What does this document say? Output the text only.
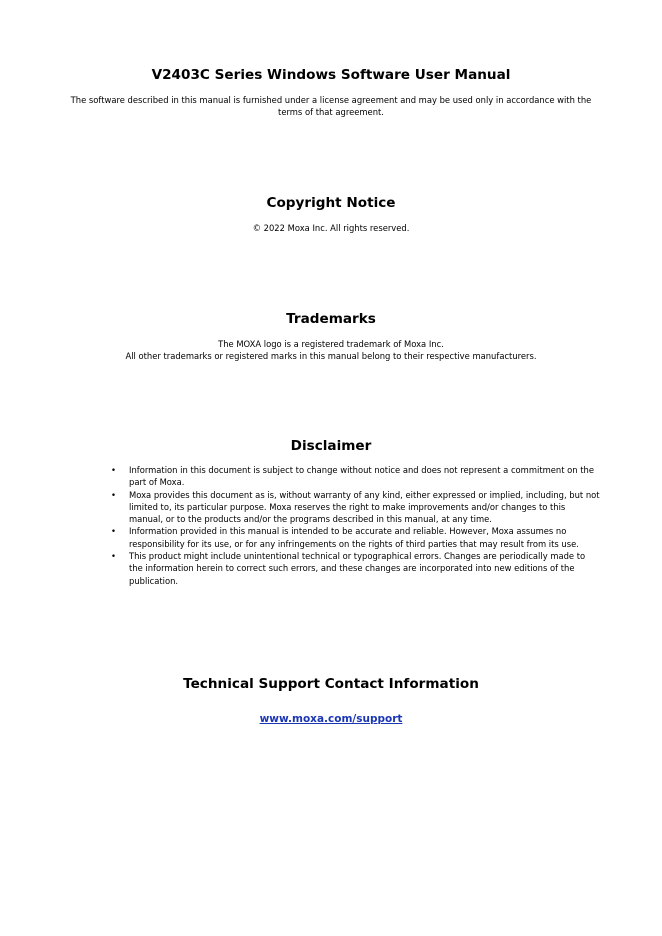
V2403C Series Windows Software User Manual

The software described in this manual is furnished under a license agreement and may be used only in accordance with the terms of that agreement.

Copyright Notice

© 2022 Moxa Inc. All rights reserved.

Trademarks

The MOXA logo is a registered trademark of Moxa Inc.

All other trademarks or registered marks in this manual belong to their respective manufacturers.

Disclaimer
• Information in this document is subject to change without notice and does not represent a commitment on the part of Moxa.
• Moxa provides this document as is, without warranty of any kind, either expressed or implied, including, but not limited to, its particular purpose. Moxa reserves the right to make improvements and/or changes to this manual, or to the products and/or the programs described in this manual, at any time.
• Information provided in this manual is intended to be accurate and reliable. However, Moxa assumes no responsibility for its use, or for any infringements on the rights of third parties that may result from its use.
• This product might include unintentional technical or typographical errors. Changes are periodically made to the information herein to correct such errors, and these changes are incorporated into new editions of the publication.
Technical Support Contact Information
www.moxa.com/support
